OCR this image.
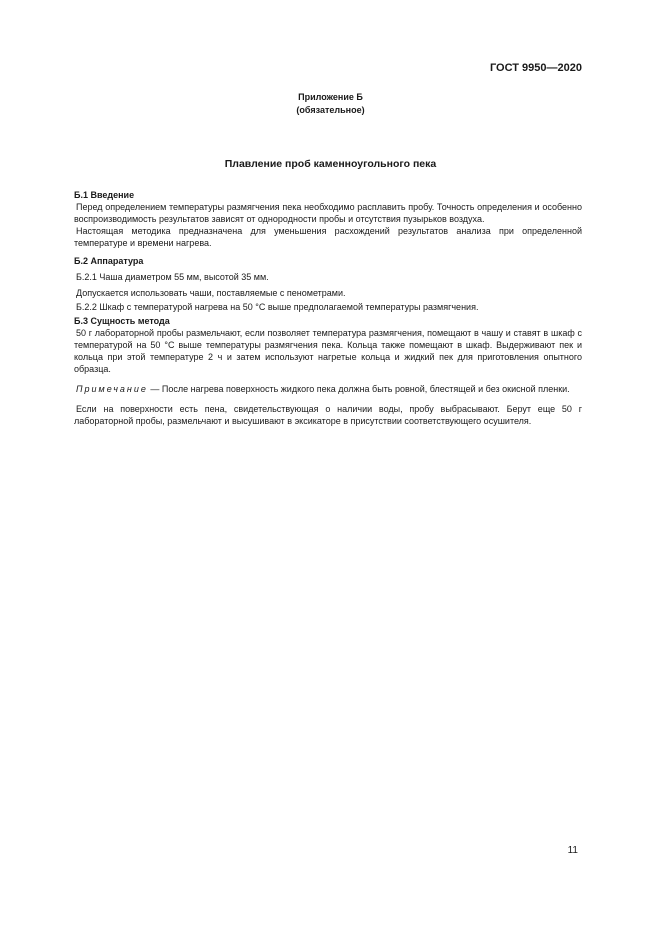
ГОСТ 9950—2020
Приложение Б
(обязательное)
Плавление проб каменноугольного пека

Б.1 Введение

Перед определением температуры размягчения пека необходимо расплавить пробу. Точность определения и особенно воспроизводимость результатов зависят от однородности пробы и отсутствия пузырьков воздуха.

Настоящая методика предназначена для уменьшения расхождений результатов анализа при определенной температуре и времени нагрева.

Б.2 Аппаратура

Б.2.1 Чаша диаметром 55 мм, высотой 35 мм.

Допускается использовать чаши, поставляемые с пенометрами.

Б.2.2 Шкаф с температурой нагрева на 50 °С выше предполагаемой температуры размягчения.

Б.3 Сущность метода

50 г лабораторной пробы размельчают, если позволяет температура размягчения, помещают в чашу и ставят в шкаф с температурой на 50 °С выше температуры размягчения пека. Кольца также помещают в шкаф. Выдерживают пек и кольца при этой температуре 2 ч и затем используют нагретые кольца и жидкий пек для приготовления опытного образца.

Примечание — После нагрева поверхность жидкого пека должна быть ровной, блестящей и без окисной пленки.

Если на поверхности есть пена, свидетельствующая о наличии воды, пробу выбрасывают. Берут еще 50 г лабораторной пробы, размельчают и высушивают в эксикаторе в присутствии соответствующего осушителя.

11
